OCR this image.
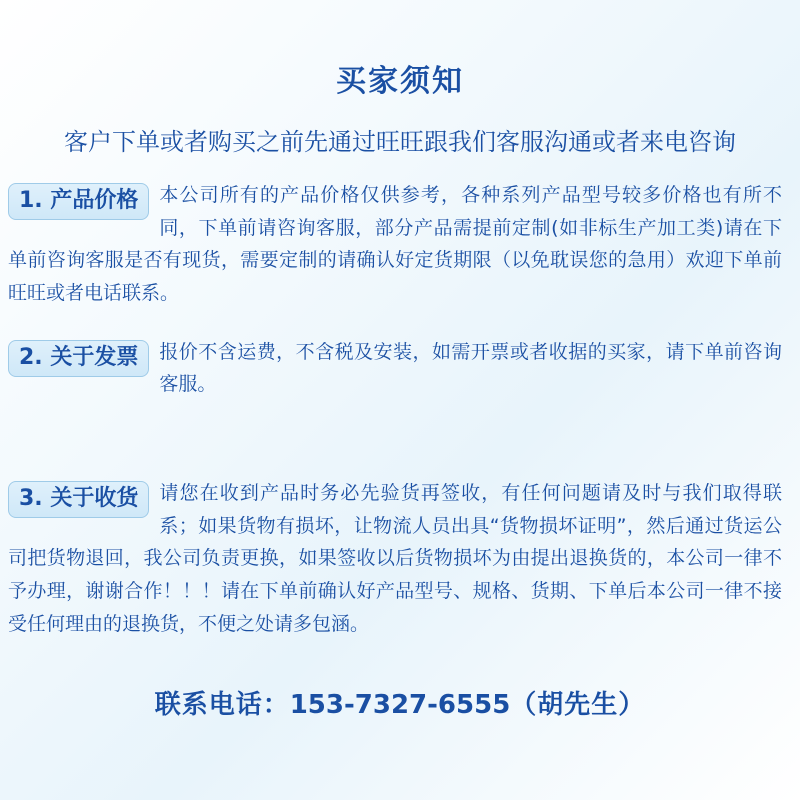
买家须知
客户下单或者购买之前先通过旺旺跟我们客服沟通或者来电咨询
1. 产品价格	本公司所有的产品价格仅供参考，各种系列产品型号较多价格也有所不同，下单前请咨询客服，部分产品需提前定制(如非标生产加工类)请在下单前咨询客服是否有现货，需要定制的请确认好定货期限（以免耽误您的急用）欢迎下单前旺旺或者电话联系。
2. 关于发票	报价不含运费，不含税及安装，如需开票或者收据的买家，请下单前咨询客服。
3. 关于收货	请您在收到产品时务必先验货再签收，有任何问题请及时与我们取得联系；如果货物有损坏，让物流人员出具“货物损坏证明”，然后通过货运公司把货物退回，我公司负责更换，如果签收以后货物损坏为由提出退换货的，本公司一律不予办理，谢谢合作！！！请在下单前确认好产品型号、规格、货期、下单后本公司一律不接受任何理由的退换货，不便之处请多包涵。
联系电话：153-7327-6555（胡先生）
